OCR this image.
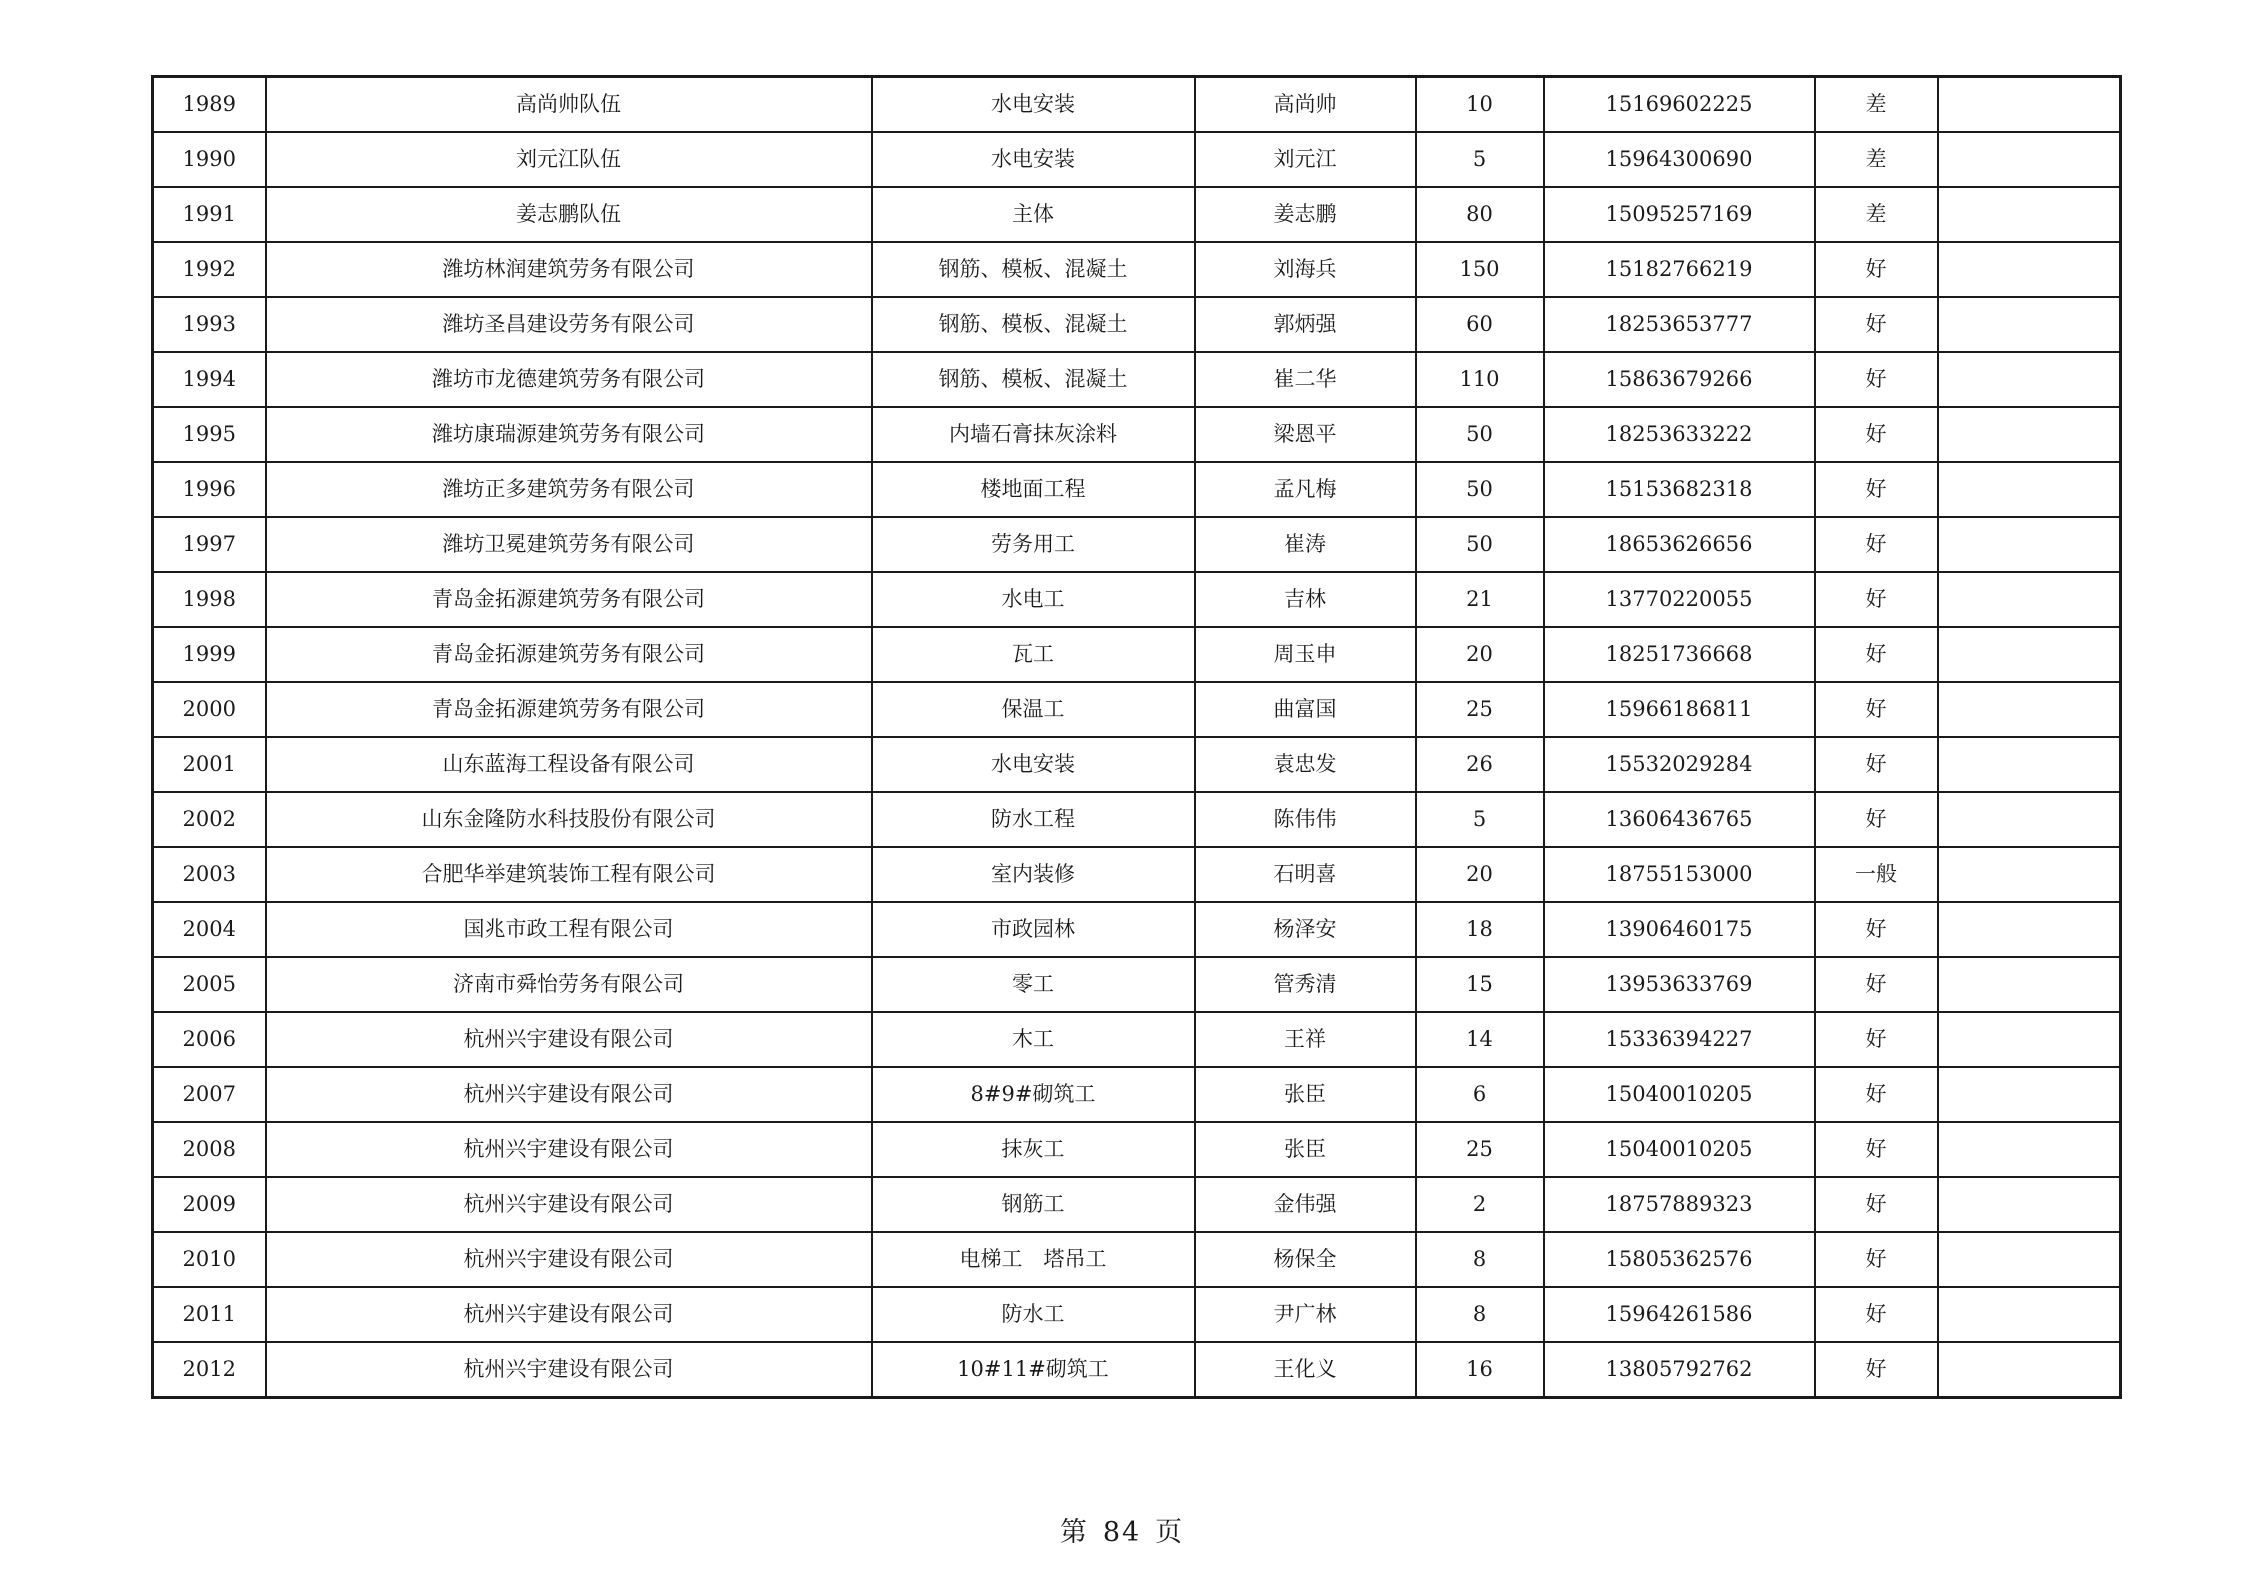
1989	高尚帅队伍	水电安装	高尚帅	10	15169602225	差	
1990	刘元江队伍	水电安装	刘元江	5	15964300690	差	
1991	姜志鹏队伍	主体	姜志鹏	80	15095257169	差	
1992	潍坊林润建筑劳务有限公司	钢筋、模板、混凝土	刘海兵	150	15182766219	好	
1993	潍坊圣昌建设劳务有限公司	钢筋、模板、混凝土	郭炳强	60	18253653777	好	
1994	潍坊市龙德建筑劳务有限公司	钢筋、模板、混凝土	崔二华	110	15863679266	好	
1995	潍坊康瑞源建筑劳务有限公司	内墙石膏抹灰涂料	梁恩平	50	18253633222	好	
1996	潍坊正多建筑劳务有限公司	楼地面工程	孟凡梅	50	15153682318	好	
1997	潍坊卫冕建筑劳务有限公司	劳务用工	崔涛	50	18653626656	好	
1998	青岛金拓源建筑劳务有限公司	水电工	吉林	21	13770220055	好	
1999	青岛金拓源建筑劳务有限公司	瓦工	周玉申	20	18251736668	好	
2000	青岛金拓源建筑劳务有限公司	保温工	曲富国	25	15966186811	好	
2001	山东蓝海工程设备有限公司	水电安装	袁忠发	26	15532029284	好	
2002	山东金隆防水科技股份有限公司	防水工程	陈伟伟	5	13606436765	好	
2003	合肥华举建筑装饰工程有限公司	室内装修	石明喜	20	18755153000	一般	
2004	国兆市政工程有限公司	市政园林	杨泽安	18	13906460175	好	
2005	济南市舜怡劳务有限公司	零工	管秀清	15	13953633769	好	
2006	杭州兴宇建设有限公司	木工	王祥	14	15336394227	好	
2007	杭州兴宇建设有限公司	8#9#砌筑工	张臣	6	15040010205	好	
2008	杭州兴宇建设有限公司	抹灰工	张臣	25	15040010205	好	
2009	杭州兴宇建设有限公司	钢筋工	金伟强	2	18757889323	好	
2010	杭州兴宇建设有限公司	电梯工　塔吊工	杨保全	8	15805362576	好	
2011	杭州兴宇建设有限公司	防水工	尹广林	8	15964261586	好	
2012	杭州兴宇建设有限公司	10#11#砌筑工	王化义	16	13805792762	好	
第 84 页
